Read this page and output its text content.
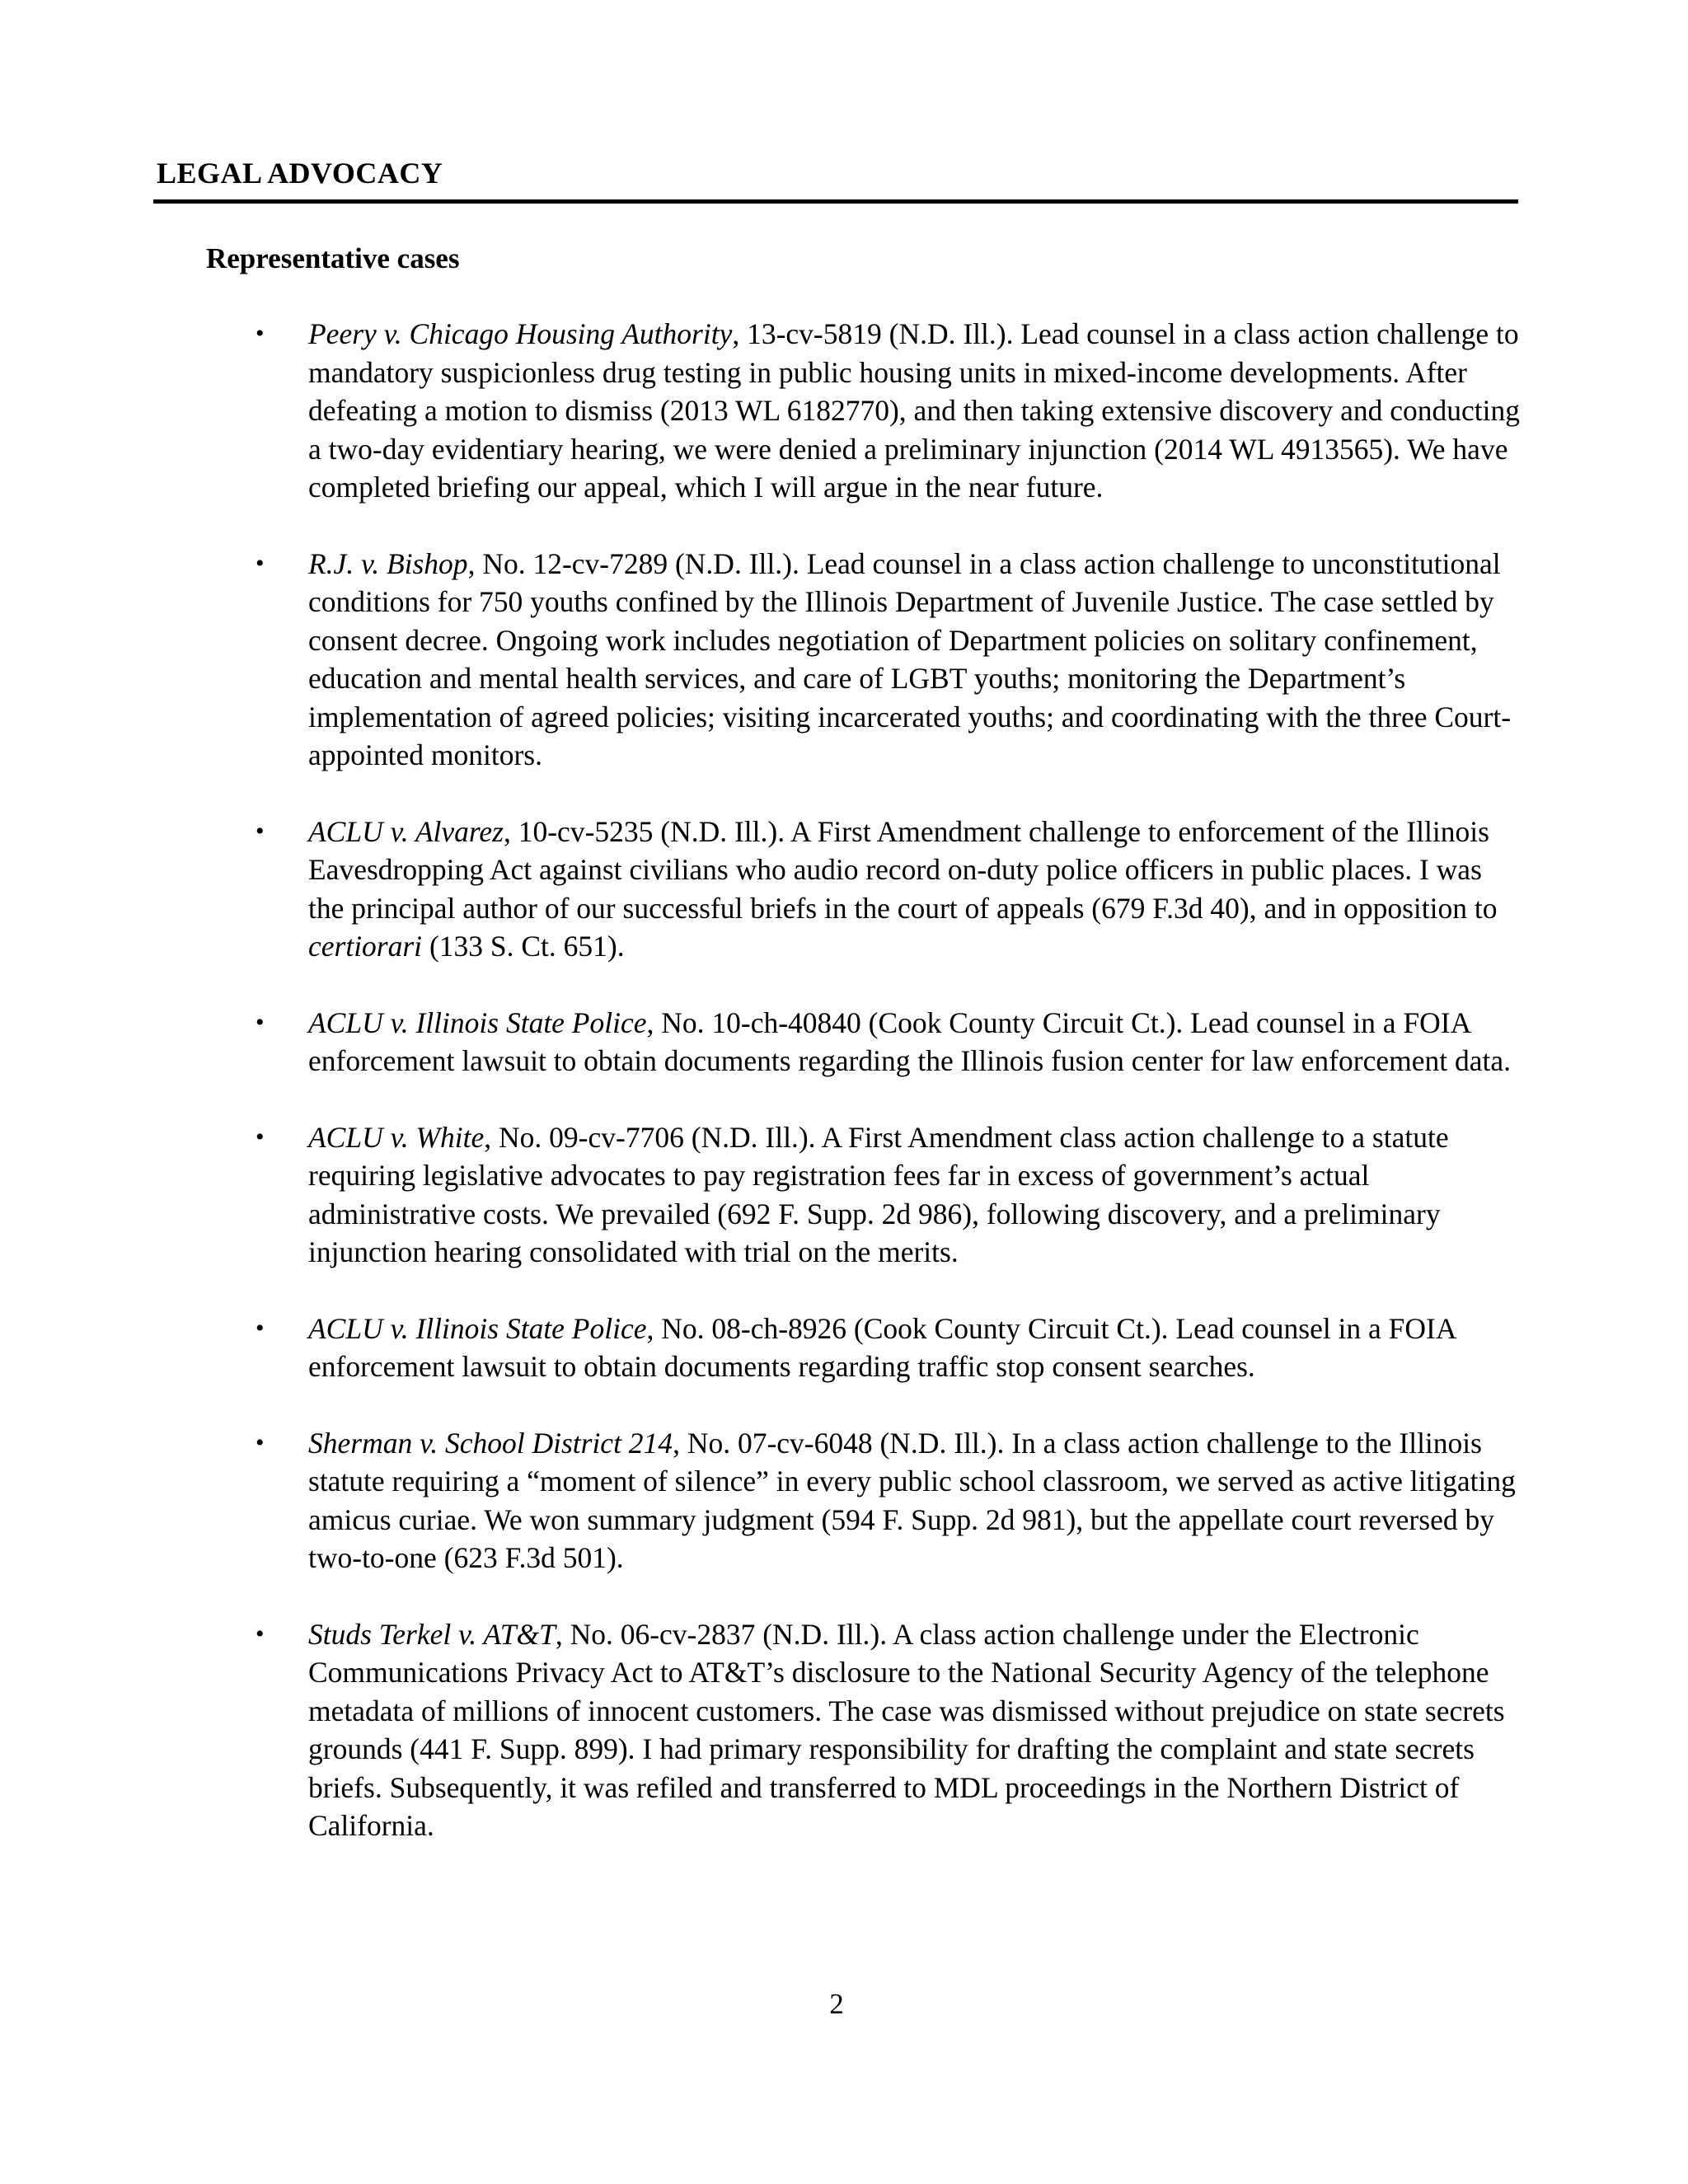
LEGAL ADVOCACY
Representative cases
• Peery v. Chicago Housing Authority, 13-cv-5819 (N.D. Ill.). Lead counsel in a class action challenge to mandatory suspicionless drug testing in public housing units in mixed-income developments. After defeating a motion to dismiss (2013 WL 6182770), and then taking extensive discovery and conducting a two-day evidentiary hearing, we were denied a preliminary injunction (2014 WL 4913565). We have completed briefing our appeal, which I will argue in the near future.
• R.J. v. Bishop, No. 12-cv-7289 (N.D. Ill.). Lead counsel in a class action challenge to unconstitutional conditions for 750 youths confined by the Illinois Department of Juvenile Justice. The case settled by consent decree. Ongoing work includes negotiation of Department policies on solitary confinement, education and mental health services, and care of LGBT youths; monitoring the Department’s implementation of agreed policies; visiting incarcerated youths; and coordinating with the three Court-appointed monitors.
• ACLU v. Alvarez, 10-cv-5235 (N.D. Ill.). A First Amendment challenge to enforcement of the Illinois Eavesdropping Act against civilians who audio record on-duty police officers in public places. I was the principal author of our successful briefs in the court of appeals (679 F.3d 40), and in opposition to certiorari (133 S. Ct. 651).
• ACLU v. Illinois State Police, No. 10-ch-40840 (Cook County Circuit Ct.). Lead counsel in a FOIA enforcement lawsuit to obtain documents regarding the Illinois fusion center for law enforcement data.
• ACLU v. White, No. 09-cv-7706 (N.D. Ill.). A First Amendment class action challenge to a statute requiring legislative advocates to pay registration fees far in excess of government’s actual administrative costs. We prevailed (692 F. Supp. 2d 986), following discovery, and a preliminary injunction hearing consolidated with trial on the merits.
• ACLU v. Illinois State Police, No. 08-ch-8926 (Cook County Circuit Ct.). Lead counsel in a FOIA enforcement lawsuit to obtain documents regarding traffic stop consent searches.
• Sherman v. School District 214, No. 07-cv-6048 (N.D. Ill.). In a class action challenge to the Illinois statute requiring a “moment of silence” in every public school classroom, we served as active litigating amicus curiae. We won summary judgment (594 F. Supp. 2d 981), but the appellate court reversed by two-to-one (623 F.3d 501).
• Studs Terkel v. AT&T, No. 06-cv-2837 (N.D. Ill.). A class action challenge under the Electronic Communications Privacy Act to AT&T’s disclosure to the National Security Agency of the telephone metadata of millions of innocent customers. The case was dismissed without prejudice on state secrets grounds (441 F. Supp. 899). I had primary responsibility for drafting the complaint and state secrets briefs. Subsequently, it was refiled and transferred to MDL proceedings in the Northern District of California.
2
